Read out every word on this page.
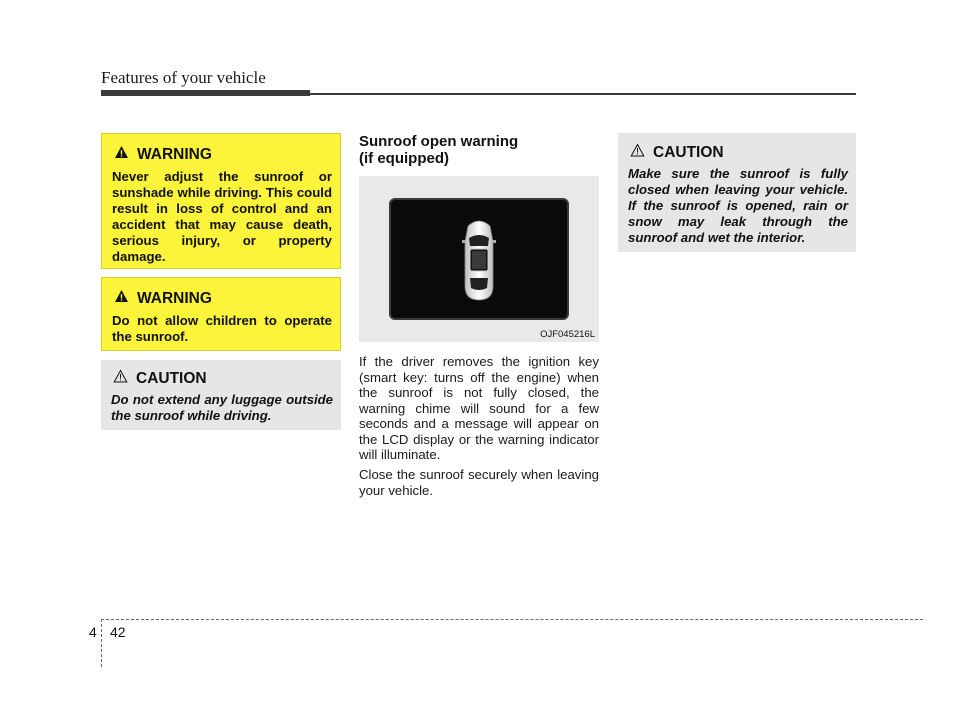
Features of your vehicle
WARNING

Never adjust the sunroof or sunshade while driving. This could result in loss of control and an accident that may cause death, serious injury, or property damage.

WARNING

Do not allow children to operate the sunroof.

CAUTION

Do not extend any luggage outside the sunroof while driving.

Sunroof open warning
(if equipped)
OJF045216L

If the driver removes the ignition key (smart key: turns off the engine) when the sunroof is not fully closed, the warning chime will sound for a few seconds and a message will appear on the LCD display or the warning indicator will illuminate.

Close the sunroof securely when leaving your vehicle.

CAUTION

Make sure the sunroof is fully closed when leaving your vehicle. If the sunroof is opened, rain or snow may leak through the sunroof and wet the interior.

4 42
